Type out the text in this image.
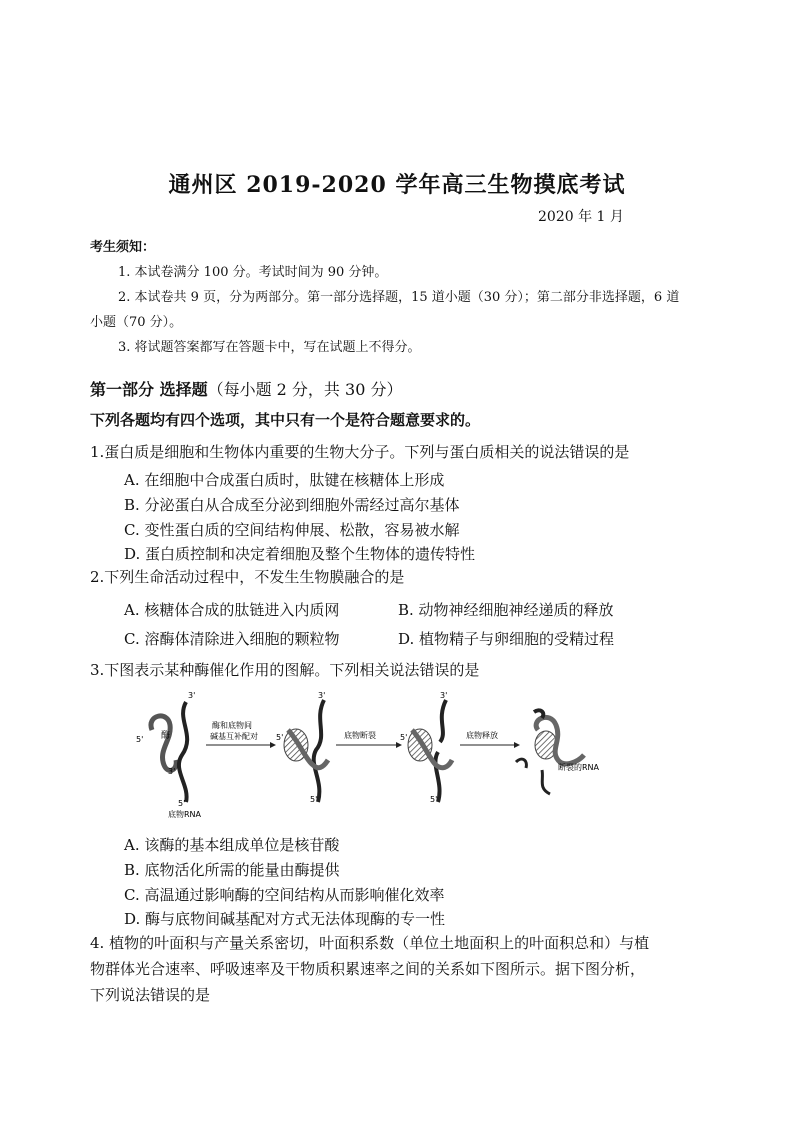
通州区 2019-2020 学年高三生物摸底考试
2020 年 1 月
考生须知：
1. 本试卷满分 100 分。考试时间为 90 分钟。
2. 本试卷共 9 页，分为两部分。第一部分选择题，15 道小题（30 分）；第二部分非选择题，6 道
小题（70 分）。
3. 将试题答案都写在答题卡中，写在试题上不得分。
第一部分 选择题（每小题 2 分，共 30 分）
下列各题均有四个选项，其中只有一个是符合题意要求的。
1.蛋白质是细胞和生物体内重要的生物大分子。下列与蛋白质相关的说法错误的是
A. 在细胞中合成蛋白质时，肽键在核糖体上形成
B. 分泌蛋白从合成至分泌到细胞外需经过高尔基体
C. 变性蛋白质的空间结构伸展、松散，容易被水解
D. 蛋白质控制和决定着细胞及整个生物体的遗传特性
2.下列生命活动过程中，不发生生物膜融合的是
A. 核糖体合成的肽链进入内质网	B. 动物神经细胞神经递质的释放
C. 溶酶体清除进入细胞的颗粒物	D. 植物精子与卵细胞的受精过程
3.下图表示某种酶催化作用的图解。下列相关说法错误的是
3'
5' 酶
3'
5'
底物RNA
酶和底物间
碱基互补配对
3'
5'
5'
底物断裂
3'
5'
5'
底物释放
断裂的RNA
A. 该酶的基本组成单位是核苷酸
B. 底物活化所需的能量由酶提供
C. 高温通过影响酶的空间结构从而影响催化效率
D. 酶与底物间碱基配对方式无法体现酶的专一性
4. 植物的叶面积与产量关系密切，叶面积系数（单位土地面积上的叶面积总和）与植
物群体光合速率、呼吸速率及干物质积累速率之间的关系如下图所示。据下图分析，
下列说法错误的是
